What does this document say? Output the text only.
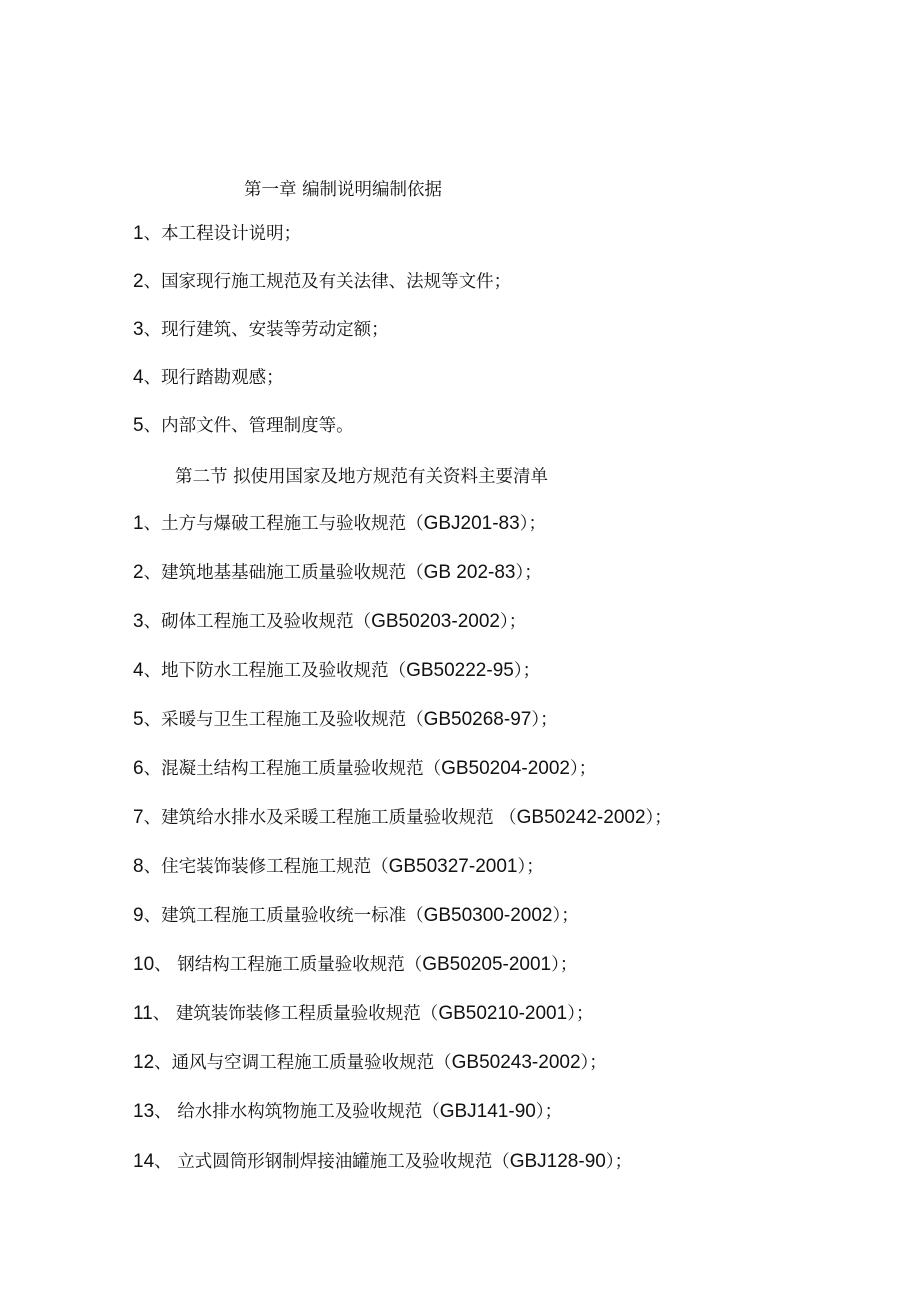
第一章 编制说明编制依据
1、本工程设计说明；
2、国家现行施工规范及有关法律、法规等文件；
3、现行建筑、安装等劳动定额；
4、现行踏勘观感；
5、内部文件、管理制度等。
第二节 拟使用国家及地方规范有关资料主要清单
1、土方与爆破工程施工与验收规范（GBJ201-83）；
2、建筑地基基础施工质量验收规范（GB 202-83）；
3、砌体工程施工及验收规范（GB50203-2002）；
4、地下防水工程施工及验收规范（GB50222-95）；
5、采暖与卫生工程施工及验收规范（GB50268-97）；
6、混凝土结构工程施工质量验收规范（GB50204-2002）；
7、建筑给水排水及采暖工程施工质量验收规范 （GB50242-2002）；
8、住宅装饰装修工程施工规范（GB50327-2001）；
9、建筑工程施工质量验收统一标准（GB50300-2002）；
10、 钢结构工程施工质量验收规范（GB50205-2001）；
11、 建筑装饰装修工程质量验收规范（GB50210-2001）；
12、通风与空调工程施工质量验收规范（GB50243-2002）；
13、 给水排水构筑物施工及验收规范（GBJ141-90）；
14、 立式圆筒形钢制焊接油罐施工及验收规范（GBJ128-90）；
